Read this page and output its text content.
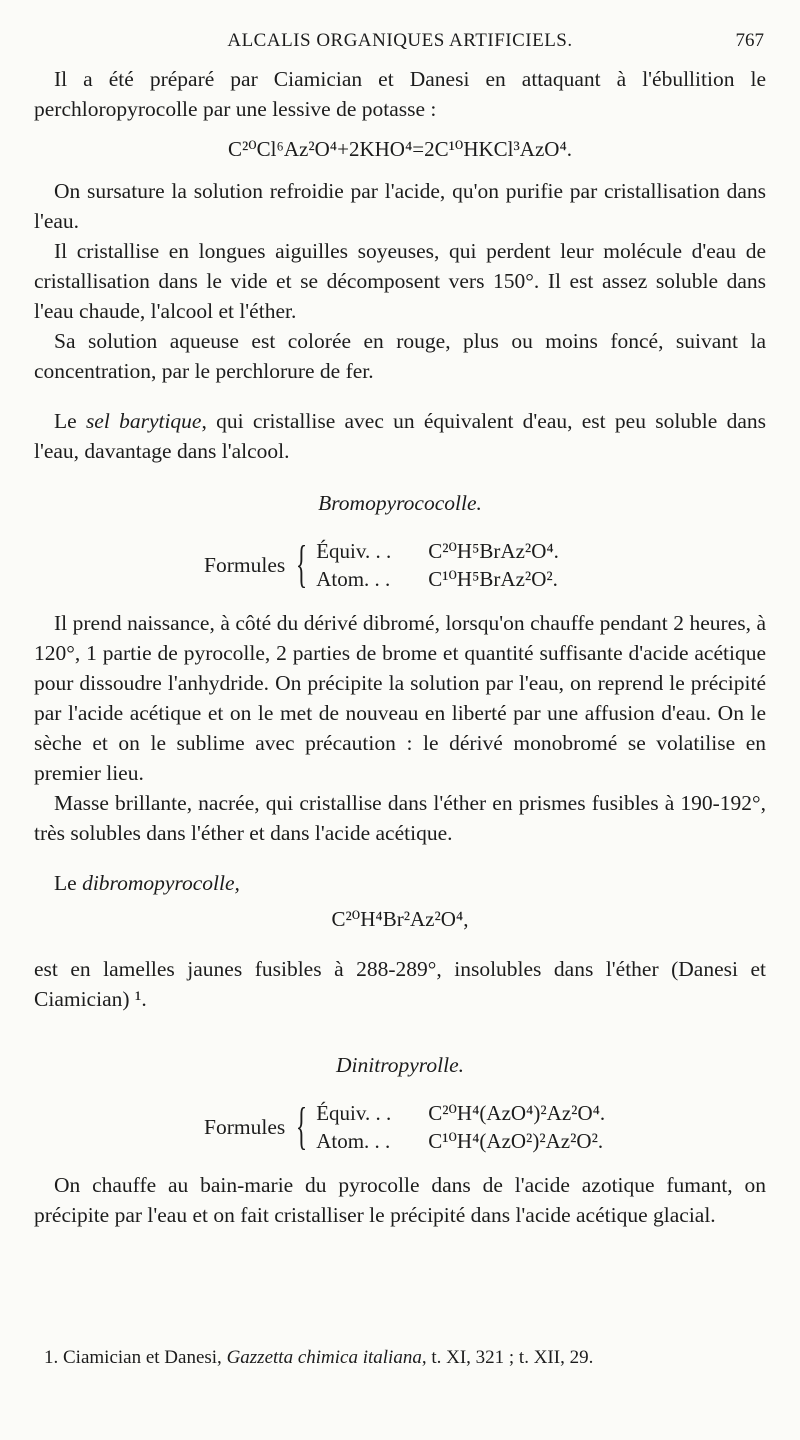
ALCALIS ORGANIQUES ARTIFICIELS.	767

Il a été préparé par Ciamician et Danesi en attaquant à l'ébullition le perchloropyrocolle par une lessive de potasse :

C²⁰Cl⁶Az²O⁴+2KHO⁴=2C¹⁰HKCl³AzO⁴.

On sursature la solution refroidie par l'acide, qu'on purifie par cristallisation dans l'eau.

Il cristallise en longues aiguilles soyeuses, qui perdent leur molécule d'eau de cristallisation dans le vide et se décomposent vers 150°. Il est assez soluble dans l'eau chaude, l'alcool et l'éther.

Sa solution aqueuse est colorée en rouge, plus ou moins foncé, suivant la concentration, par le perchlorure de fer.

Le sel barytique, qui cristallise avec un équivalent d'eau, est peu soluble dans l'eau, davantage dans l'alcool.

Bromopyrococolle.
Formules { Équiv. . .	C²⁰H⁵BrAz²O⁴.
Atom. . .	C¹⁰H⁵BrAz²O².

Il prend naissance, à côté du dérivé dibromé, lorsqu'on chauffe pendant 2 heures, à 120°, 1 partie de pyrocolle, 2 parties de brome et quantité suffisante d'acide acétique pour dissoudre l'anhydride. On précipite la solution par l'eau, on reprend le précipité par l'acide acétique et on le met de nouveau en liberté par une affusion d'eau. On le sèche et on le sublime avec précaution : le dérivé monobromé se volatilise en premier lieu.

Masse brillante, nacrée, qui cristallise dans l'éther en prismes fusibles à 190-192°, très solubles dans l'éther et dans l'acide acétique.

Le dibromopyrocolle,

C²⁰H⁴Br²Az²O⁴,

est en lamelles jaunes fusibles à 288-289°, insolubles dans l'éther (Danesi et Ciamician) ¹.

Dinitropyrolle.
Formules { Équiv. . .	C²⁰H⁴(AzO⁴)²Az²O⁴.
Atom. . .	C¹⁰H⁴(AzO²)²Az²O².

On chauffe au bain-marie du pyrocolle dans de l'acide azotique fumant, on précipite par l'eau et on fait cristalliser le précipité dans l'acide acétique glacial.

1. Ciamician et Danesi, Gazzetta chimica italiana, t. XI, 321 ; t. XII, 29.
